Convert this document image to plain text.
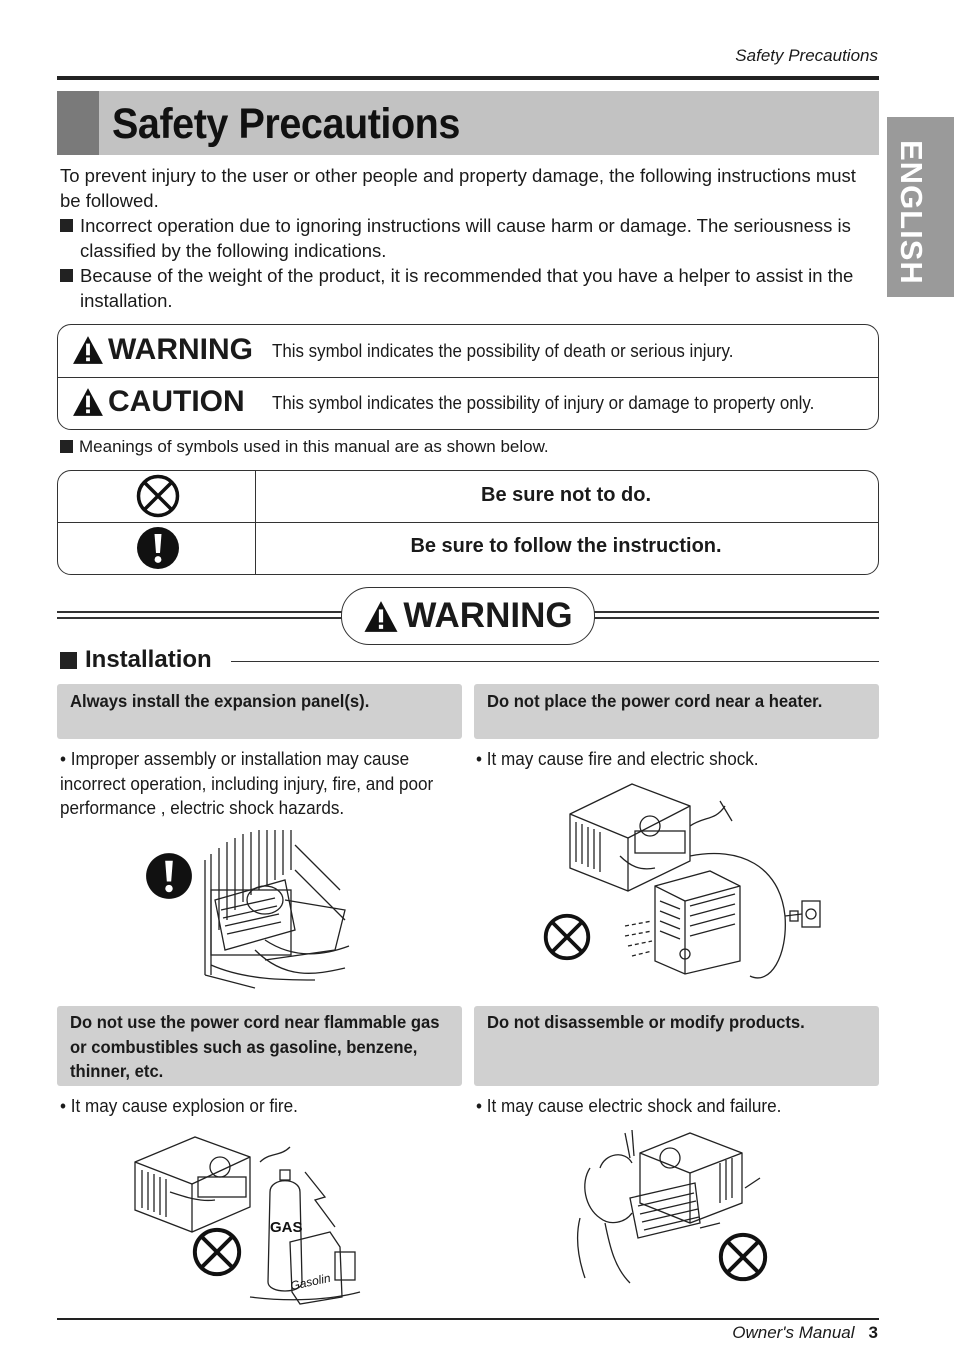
Safety Precautions
Safety Precautions
ENGLISH
To prevent injury to the user or other people and property damage, the following instructions must be followed.
Incorrect operation due to ignoring instructions will cause harm or damage. The seriousness is classified by the following indications.
Because of the weight of the product, it is recommended that you have a helper to assist in the installation.
WARNING This symbol indicates the possibility of death or serious injury.
CAUTION This symbol indicates the possibility of injury or damage to property only.
Meanings of symbols used in this manual are as shown below.
Be sure not to do.
Be sure to follow the instruction.
WARNING
Installation
Always install the expansion panel(s).
• Improper assembly or installation may cause incorrect operation, including injury, fire, and poor performance , electric shock hazards.
Do not place the power cord near a heater.
• It may cause fire and electric shock.
Do not use the power cord near flammable gas or combustibles such as gasoline, benzene, thinner, etc.
• It may cause explosion or fire.
GAS
Gasolin
Do not disassemble or modify products.
• It may cause electric shock and failure.
Owner's Manual 3
